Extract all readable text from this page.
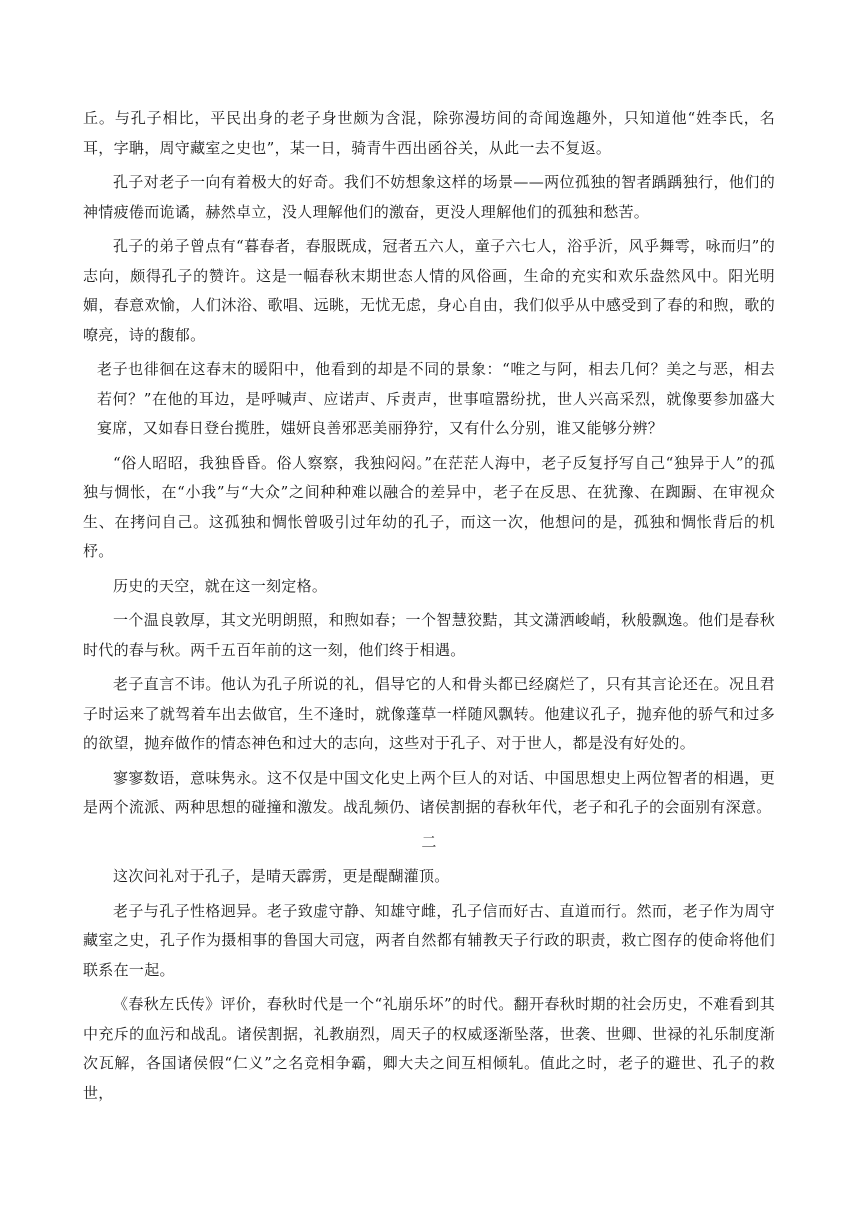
丘。与孔子相比，平民出身的老子身世颇为含混，除弥漫坊间的奇闻逸趣外，只知道他“姓李氏，名耳，字聃，周守藏室之史也”，某一日，骑青牛西出函谷关，从此一去不复返。

孔子对老子一向有着极大的好奇。我们不妨想象这样的场景——两位孤独的智者踽踽独行，他们的神情疲倦而诡谲，赫然卓立，没人理解他们的激奋，更没人理解他们的孤独和愁苦。

孔子的弟子曾点有“暮春者，春服既成，冠者五六人，童子六七人，浴乎沂，风乎舞雩，咏而归”的志向，颇得孔子的赞许。这是一幅春秋末期世态人情的风俗画，生命的充实和欢乐盎然风中。阳光明媚，春意欢愉，人们沐浴、歌唱、远眺，无忧无虑，身心自由，我们似乎从中感受到了春的和煦，歌的嘹亮，诗的馥郁。

老子也徘徊在这春末的暖阳中，他看到的却是不同的景象：“唯之与阿，相去几何？美之与恶，相去若何？”在他的耳边，是呼喊声、应诺声、斥责声，世事喧嚣纷扰，世人兴高采烈，就像要参加盛大宴席，又如春日登台揽胜，媸妍良善邪恶美丽狰狞，又有什么分别，谁又能够分辨？

“俗人昭昭，我独昏昏。俗人察察，我独闷闷。”在茫茫人海中，老子反复抒写自己“独异于人”的孤独与惆怅，在“小我”与“大众”之间种种难以融合的差异中，老子在反思、在犹豫、在踟蹰、在审视众生、在拷问自己。这孤独和惆怅曾吸引过年幼的孔子，而这一次，他想问的是，孤独和惆怅背后的机杼。

历史的天空，就在这一刻定格。

一个温良敦厚，其文光明朗照，和煦如春；一个智慧狡黠，其文潇洒峻峭，秋般飘逸。他们是春秋时代的春与秋。两千五百年前的这一刻，他们终于相遇。

老子直言不讳。他认为孔子所说的礼，倡导它的人和骨头都已经腐烂了，只有其言论还在。况且君子时运来了就驾着车出去做官，生不逢时，就像蓬草一样随风飘转。他建议孔子，抛弃他的骄气和过多的欲望，抛弃做作的情态神色和过大的志向，这些对于孔子、对于世人，都是没有好处的。

寥寥数语，意味隽永。这不仅是中国文化史上两个巨人的对话、中国思想史上两位智者的相遇，更是两个流派、两种思想的碰撞和激发。战乱频仍、诸侯割据的春秋年代，老子和孔子的会面别有深意。

二

这次问礼对于孔子，是晴天霹雳，更是醍醐灌顶。

老子与孔子性格迥异。老子致虚守静、知雄守雌，孔子信而好古、直道而行。然而，老子作为周守藏室之史，孔子作为摄相事的鲁国大司寇，两者自然都有辅教天子行政的职责，救亡图存的使命将他们联系在一起。

《春秋左氏传》评价，春秋时代是一个“礼崩乐坏”的时代。翻开春秋时期的社会历史，不难看到其中充斥的血污和战乱。诸侯割据，礼教崩烈，周天子的权威逐渐坠落，世袭、世卿、世禄的礼乐制度渐次瓦解，各国诸侯假“仁义”之名竞相争霸，卿大夫之间互相倾轧。值此之时，老子的避世、孔子的救世，
